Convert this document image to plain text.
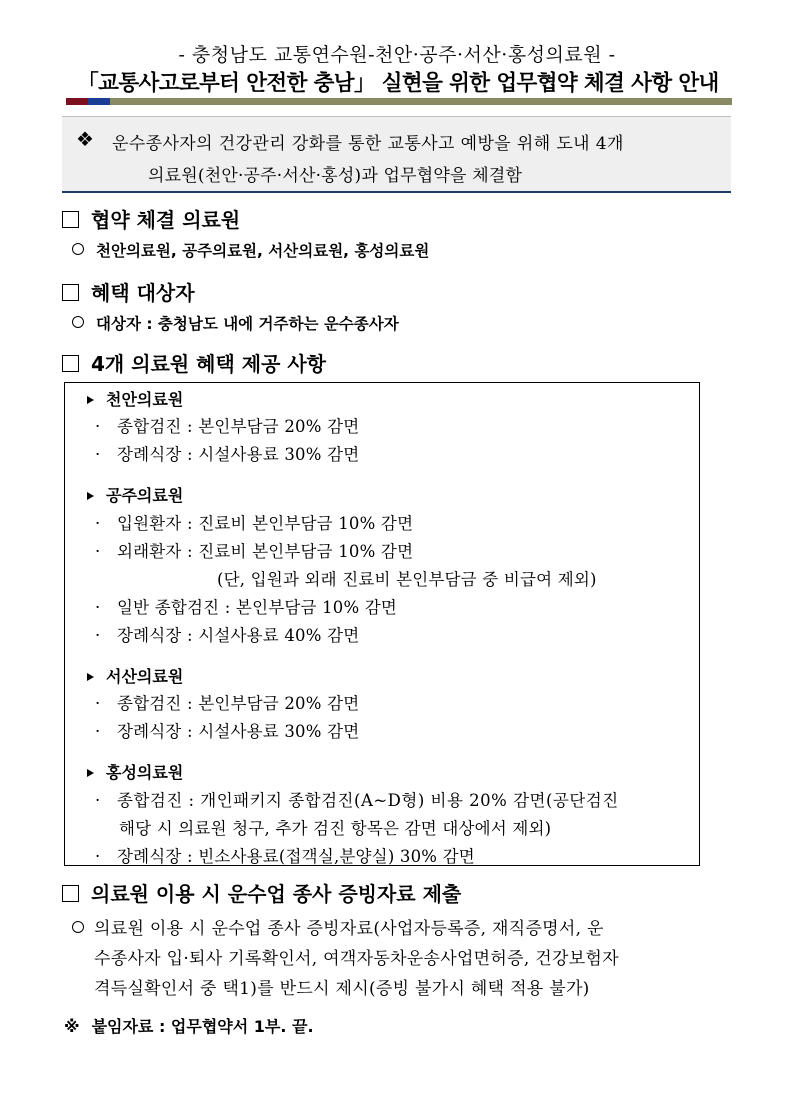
- 충청남도 교통연수원-천안·공주·서산·홍성의료원 -
「교통사고로부터 안전한 충남」 실현을 위한 업무협약 체결 사항 안내
❖ 운수종사자의 건강관리 강화를 통한 교통사고 예방을 위해 도내 4개
의료원(천안·공주·서산·홍성)과 업무협약을 체결함
협약 체결 의료원
천안의료원, 공주의료원, 서산의료원, 홍성의료원
혜택 대상자
대상자 : 충청남도 내에 거주하는 운수종사자
4개 의료원 혜택 제공 사항
천안의료원
· 종합검진 : 본인부담금 20% 감면
· 장례식장 : 시설사용료 30% 감면
공주의료원
· 입원환자 : 진료비 본인부담금 10% 감면
· 외래환자 : 진료비 본인부담금 10% 감면
(단, 입원과 외래 진료비 본인부담금 중 비급여 제외)
· 일반 종합검진 : 본인부담금 10% 감면
· 장례식장 : 시설사용료 40% 감면
서산의료원
· 종합검진 : 본인부담금 20% 감면
· 장례식장 : 시설사용료 30% 감면
홍성의료원
· 종합검진 : 개인패키지 종합검진(A~D형) 비용 20% 감면(공단검진
해당 시 의료원 청구, 추가 검진 항목은 감면 대상에서 제외)
· 장례식장 : 빈소사용료(접객실,분양실) 30% 감면
의료원 이용 시 운수업 종사 증빙자료 제출
의료원 이용 시 운수업 종사 증빙자료(사업자등록증, 재직증명서, 운
수종사자 입·퇴사 기록확인서, 여객자동차운송사업면허증, 건강보험자
격득실확인서 중 택1)를 반드시 제시(증빙 불가시 혜택 적용 불가)
※ 붙임자료 : 업무협약서 1부. 끝.
